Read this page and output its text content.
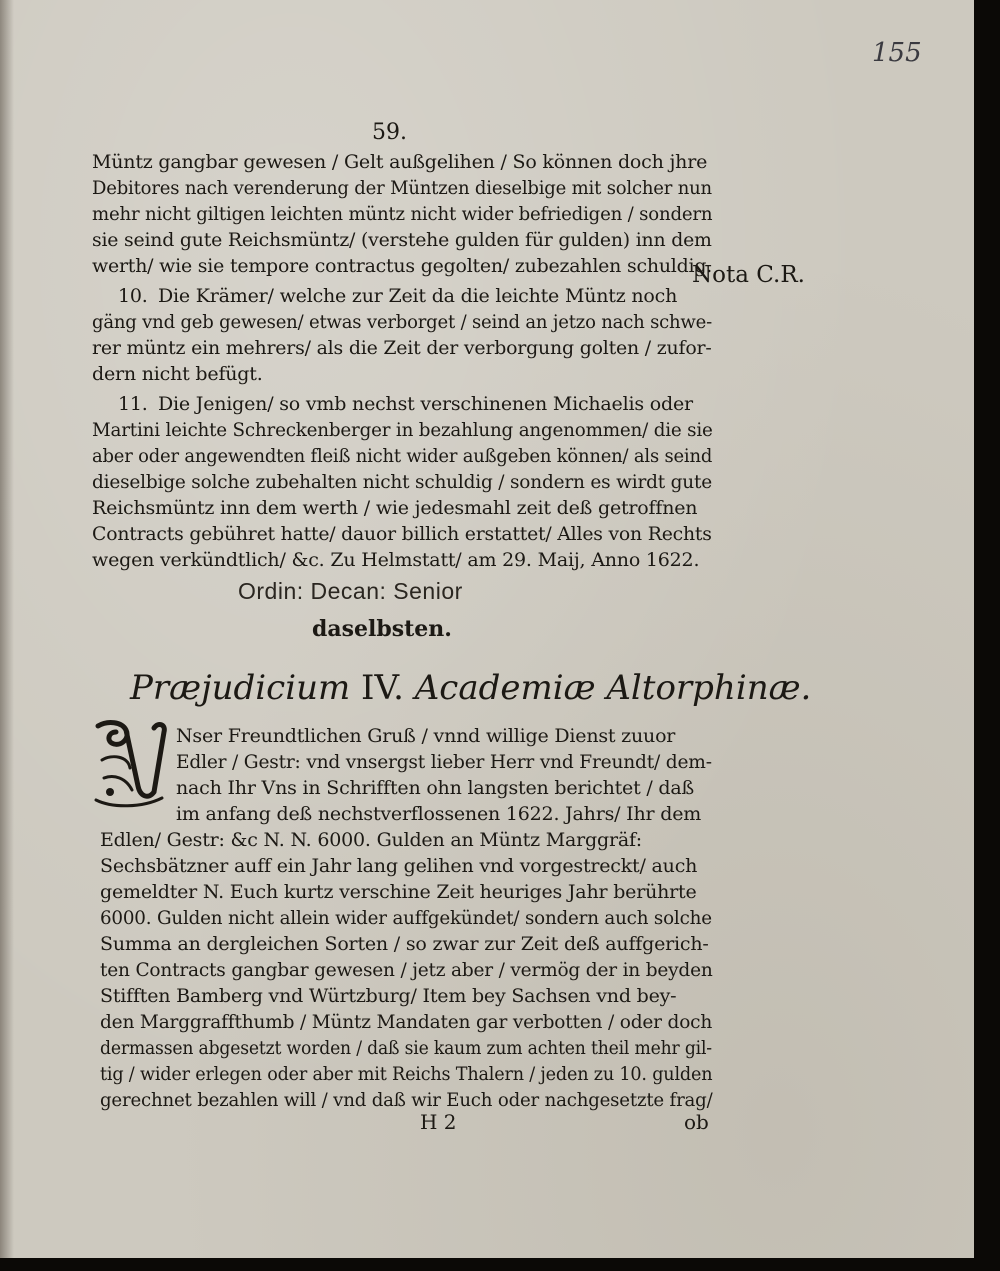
155
59.
Müntz gangbar gewesen / Gelt außgelihen / So können doch jhre
Debitores nach verenderung der Müntzen dieselbige mit solcher nun
mehr nicht giltigen leichten müntz nicht wider befriedigen / sondern
sie seind gute Reichsmüntz/ (verstehe gulden für gulden) inn dem
werth/ wie sie tempore contractus gegolten/ zubezahlen schuldig.
Nota C.R.
10. Die Krämer/ welche zur Zeit da die leichte Müntz noch
gäng vnd geb gewesen/ etwas verborget / seind an jetzo nach schwe-
rer müntz ein mehrers/ als die Zeit der verborgung golten / zufor-
dern nicht befügt.
11. Die Jenigen/ so vmb nechst verschinenen Michaelis oder
Martini leichte Schreckenberger in bezahlung angenommen/ die sie
aber oder angewendten fleiß nicht wider außgeben können/ als seind
dieselbige solche zubehalten nicht schuldig / sondern es wirdt gute
Reichsmüntz inn dem werth / wie jedesmahl zeit deß getroffnen
Contracts gebühret hatte/ dauor billich erstattet/ Alles von Rechts
wegen verkündtlich/ &c. Zu Helmstatt/ am 29. Maij, Anno 1622.
Ordin: Decan: Senior
daselbsten.
Præjudicium IV. Academiæ Altorphinæ.
Nser Freundtlichen Gruß / vnnd willige Dienst zuuor
Edler / Gestr: vnd vnsergst lieber Herr vnd Freundt/ dem-
nach Ihr Vns in Schrifften ohn langsten berichtet / daß
im anfang deß nechstverflossenen 1622. Jahrs/ Ihr dem
Edlen/ Gestr: &c N. N. 6000. Gulden an Müntz Marggräf:
Sechsbätzner auff ein Jahr lang gelihen vnd vorgestreckt/ auch
gemeldter N. Euch kurtz verschine Zeit heuriges Jahr berührte
6000. Gulden nicht allein wider auffgekündet/ sondern auch solche
Summa an dergleichen Sorten / so zwar zur Zeit deß auffgerich-
ten Contracts gangbar gewesen / jetz aber / vermög der in beyden
Stifften Bamberg vnd Würtzburg/ Item bey Sachsen vnd bey-
den Marggraffthumb / Müntz Mandaten gar verbotten / oder doch
dermassen abgesetzt worden / daß sie kaum zum achten theil mehr gil-
tig / wider erlegen oder aber mit Reichs Thalern / jeden zu 10. gulden
gerechnet bezahlen will / vnd daß wir Euch oder nachgesetzte frag/
H 2	ob
